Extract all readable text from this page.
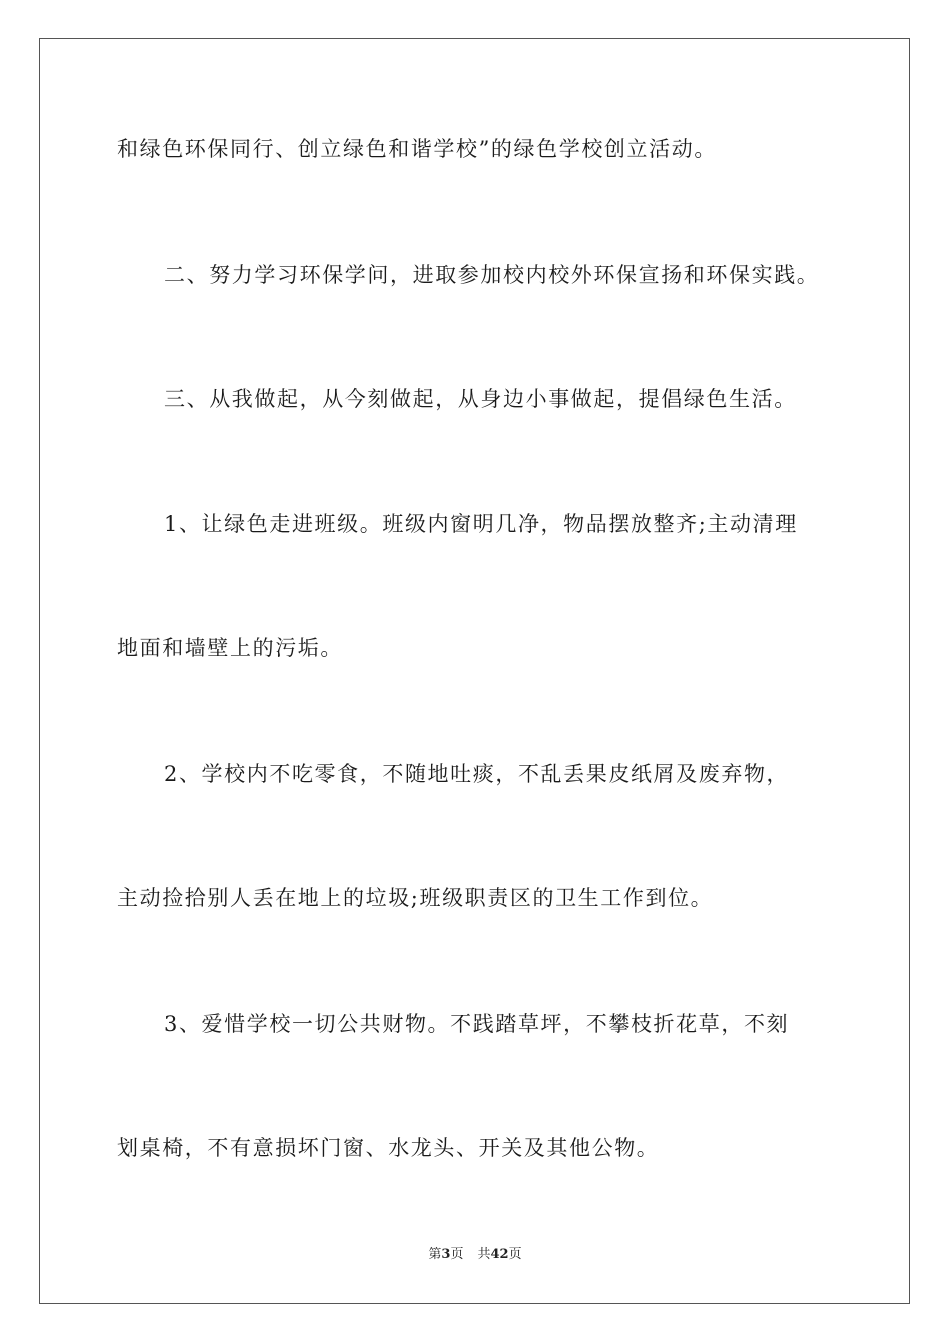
和绿色环保同行、创立绿色和谐学校”的绿色学校创立活动。
二、努力学习环保学问，进取参加校内校外环保宣扬和环保实践。
三、从我做起，从今刻做起，从身边小事做起，提倡绿色生活。
1、让绿色走进班级。班级内窗明几净，物品摆放整齐;主动清理
地面和墙壁上的污垢。
2、学校内不吃零食，不随地吐痰，不乱丢果皮纸屑及废弃物，
主动捡拾别人丢在地上的垃圾;班级职责区的卫生工作到位。
3、爱惜学校一切公共财物。不践踏草坪，不攀枝折花草，不刻
划桌椅，不有意损坏门窗、水龙头、开关及其他公物。
第3页 共42页
